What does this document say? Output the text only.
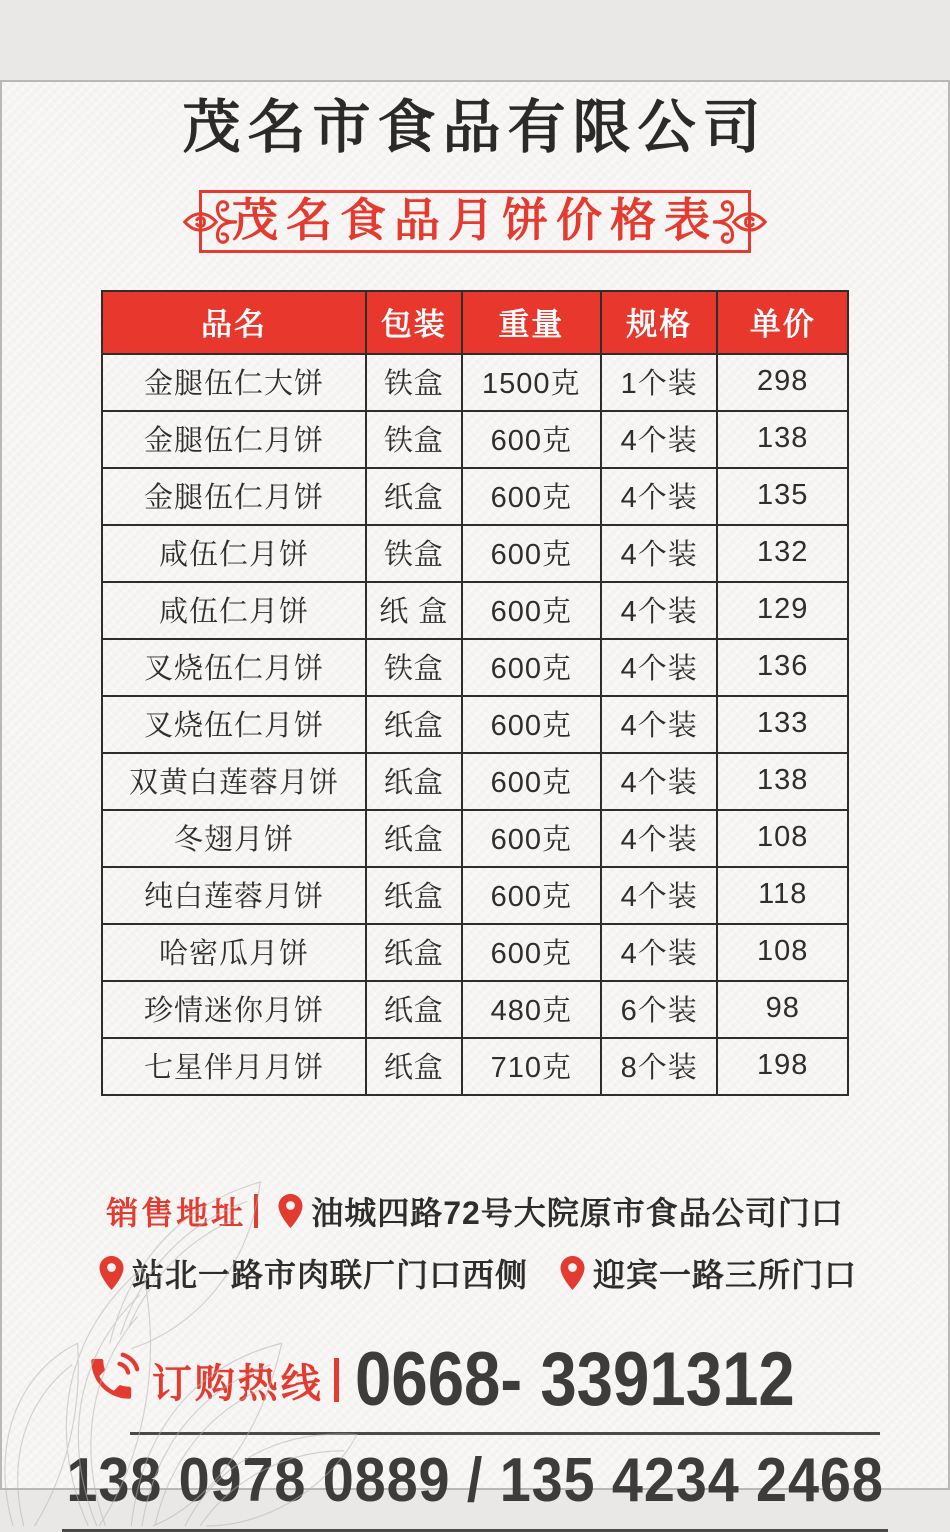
茂名市食品有限公司
茂名食品月饼价格表
品名	包装	重量	规格	单价
金腿伍仁大饼	铁盒	1500克	1个装	298
金腿伍仁月饼	铁盒	600克	4个装	138
金腿伍仁月饼	纸盒	600克	4个装	135
咸伍仁月饼	铁盒	600克	4个装	132
咸伍仁月饼	纸 盒	600克	4个装	129
叉烧伍仁月饼	铁盒	600克	4个装	136
叉烧伍仁月饼	纸盒	600克	4个装	133
双黄白莲蓉月饼	纸盒	600克	4个装	138
冬翅月饼	纸盒	600克	4个装	108
纯白莲蓉月饼	纸盒	600克	4个装	118
哈密瓜月饼	纸盒	600克	4个装	108
珍情迷你月饼	纸盒	480克	6个装	98
七星伴月月饼	纸盒	710克	8个装	198
销售地址 油城四路72号大院原市食品公司门口
站北一路市肉联厂门口西侧 迎宾一路三所门口
订购热线 0668- 3391312
138 0978 0889 / 135 4234 2468
